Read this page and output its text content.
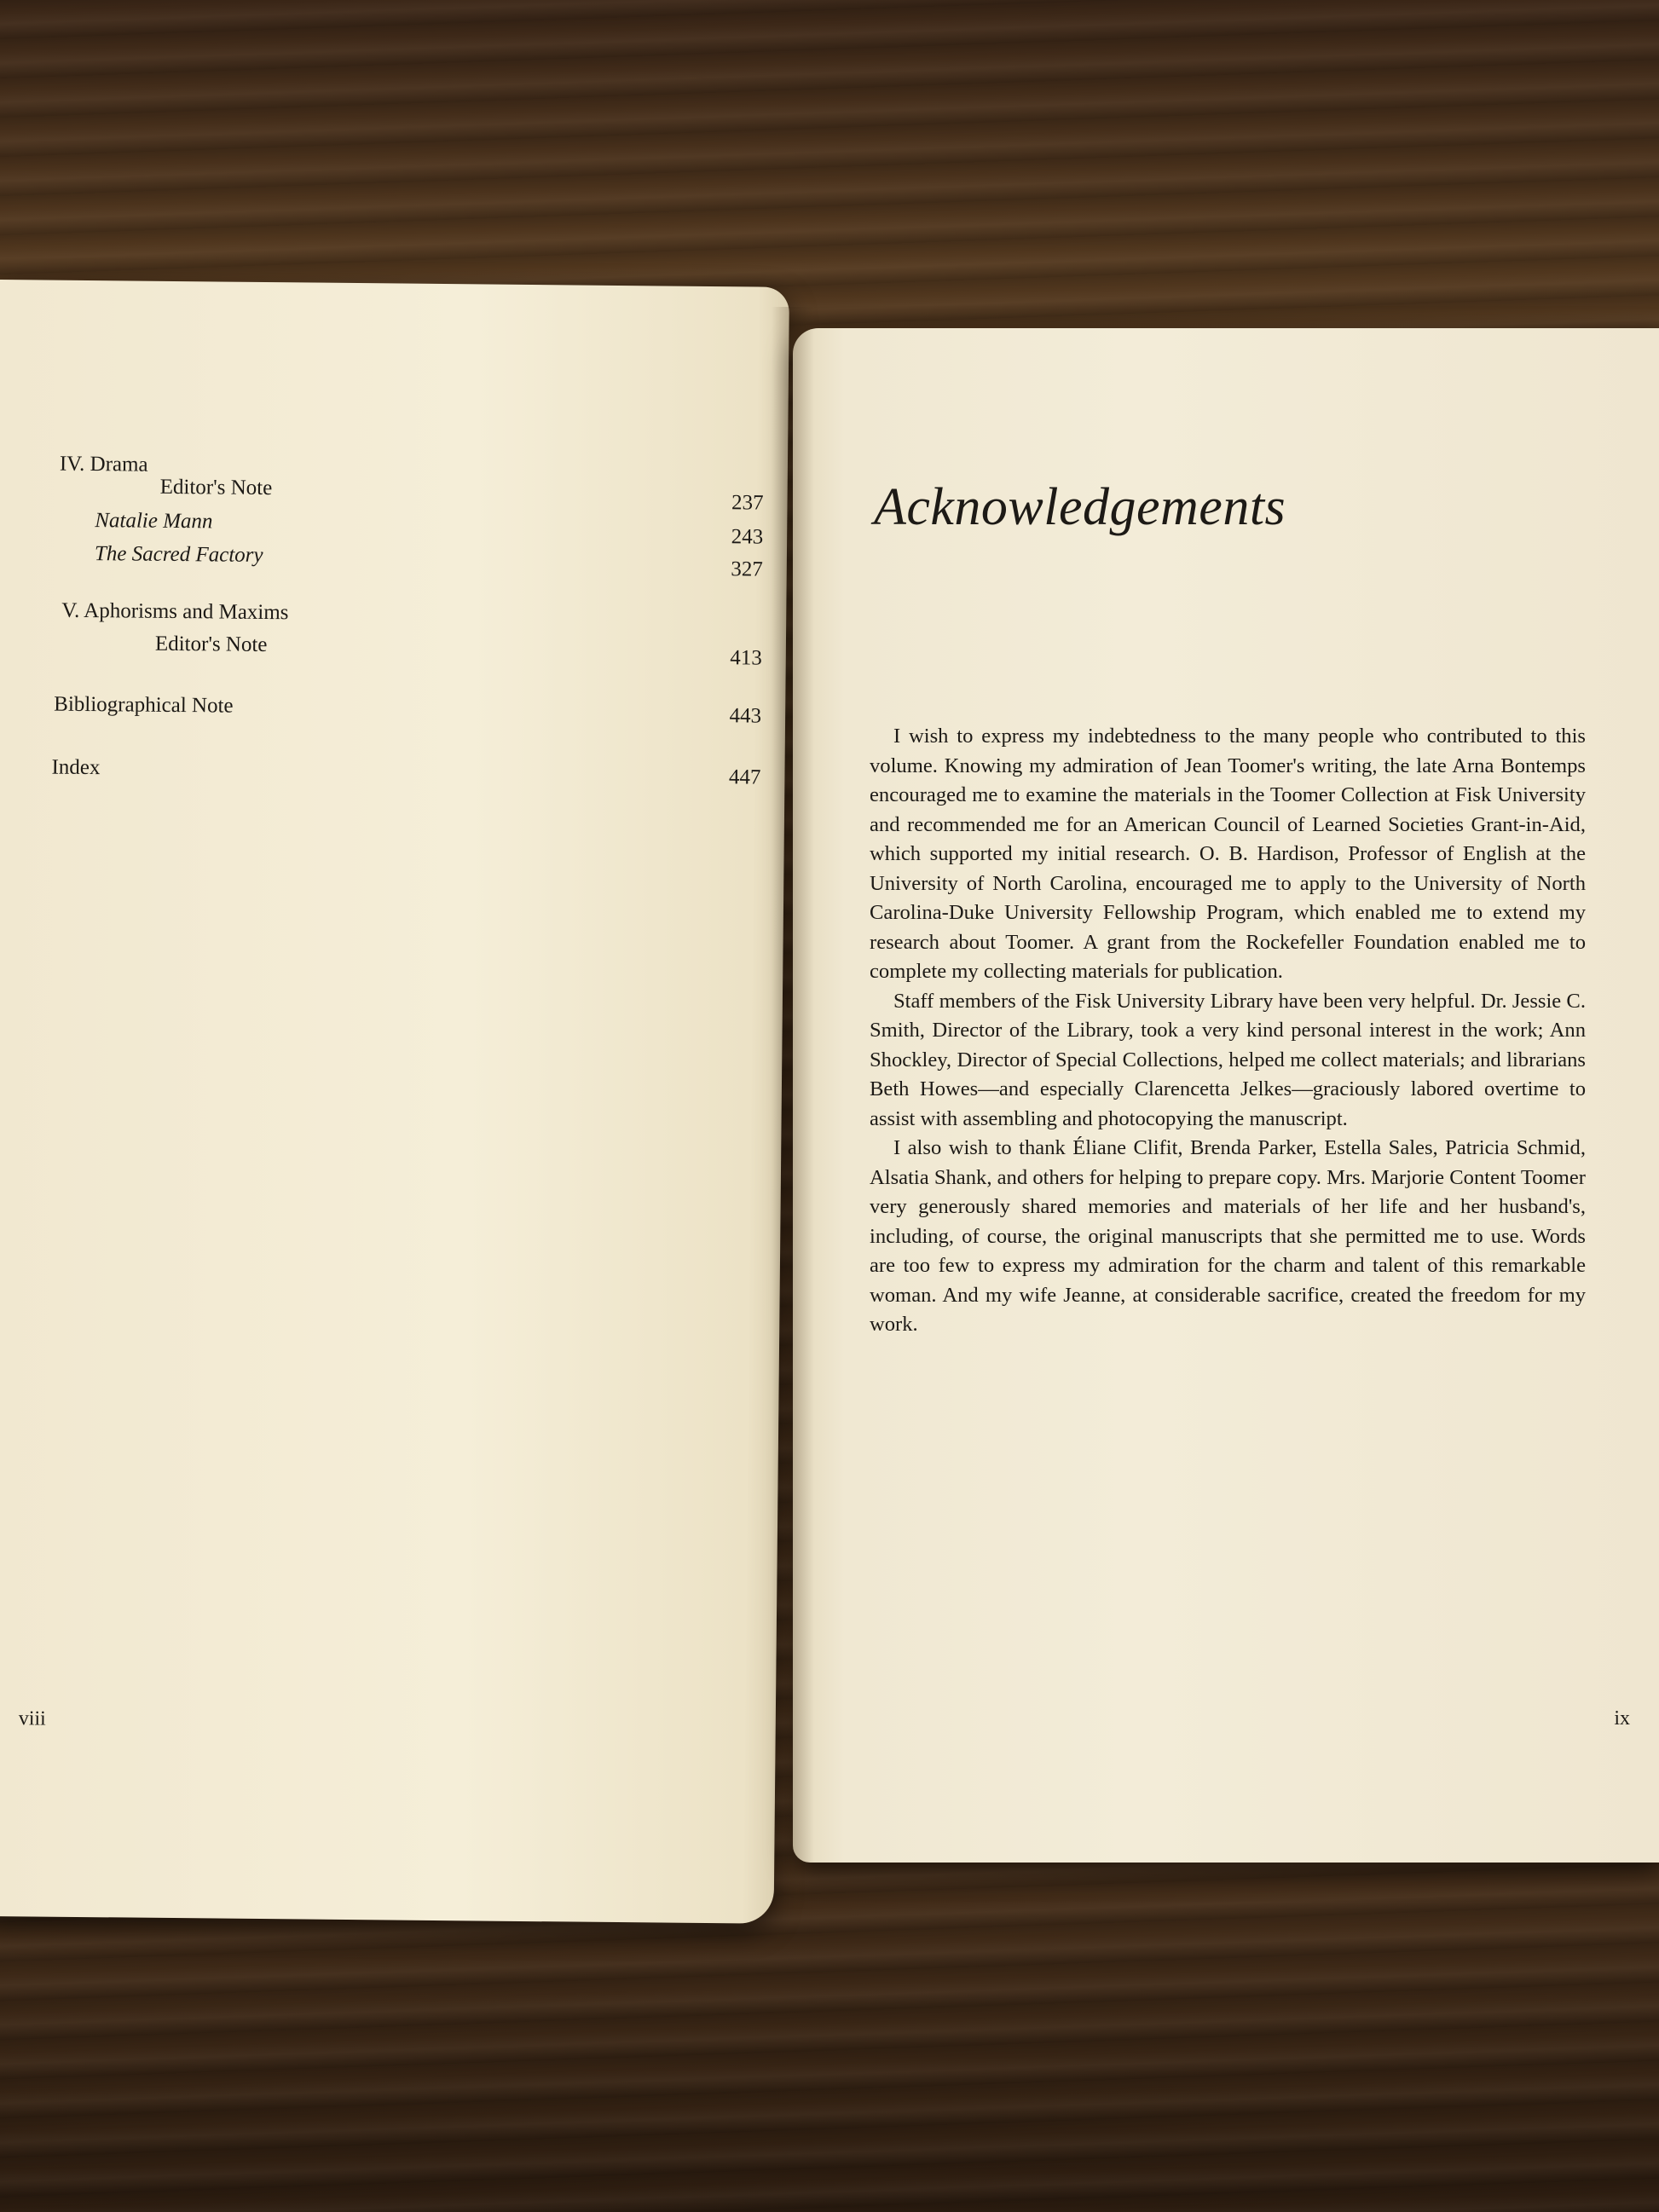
IV. Drama
Editor's Note
237
Natalie Mann
243
The Sacred Factory
327
V. Aphorisms and Maxims
Editor's Note
413
Bibliographical Note	443
Index	447
viii
Acknowledgements

I wish to express my indebtedness to the many people who contributed to this volume. Knowing my admiration of Jean Toomer's writing, the late Arna Bontemps encouraged me to examine the materials in the Toomer Collection at Fisk University and recommended me for an American Council of Learned Societies Grant-in-Aid, which supported my initial research. O. B. Hardison, Professor of English at the University of North Carolina, encouraged me to apply to the University of North Carolina-Duke University Fellowship Program, which enabled me to extend my research about Toomer. A grant from the Rockefeller Foundation enabled me to complete my collecting materials for publication.

Staff members of the Fisk University Library have been very helpful. Dr. Jessie C. Smith, Director of the Library, took a very kind personal interest in the work; Ann Shockley, Director of Special Collections, helped me collect materials; and librarians Beth Howes—and especially Clarencetta Jelkes—graciously labored overtime to assist with assembling and photocopying the manuscript.

I also wish to thank Éliane Clifit, Brenda Parker, Estella Sales, Patricia Schmid, Alsatia Shank, and others for helping to prepare copy. Mrs. Marjorie Content Toomer very generously shared memories and materials of her life and her husband's, including, of course, the original manuscripts that she permitted me to use. Words are too few to express my admiration for the charm and talent of this remarkable woman. And my wife Jeanne, at considerable sacrifice, created the freedom for my work.

ix
